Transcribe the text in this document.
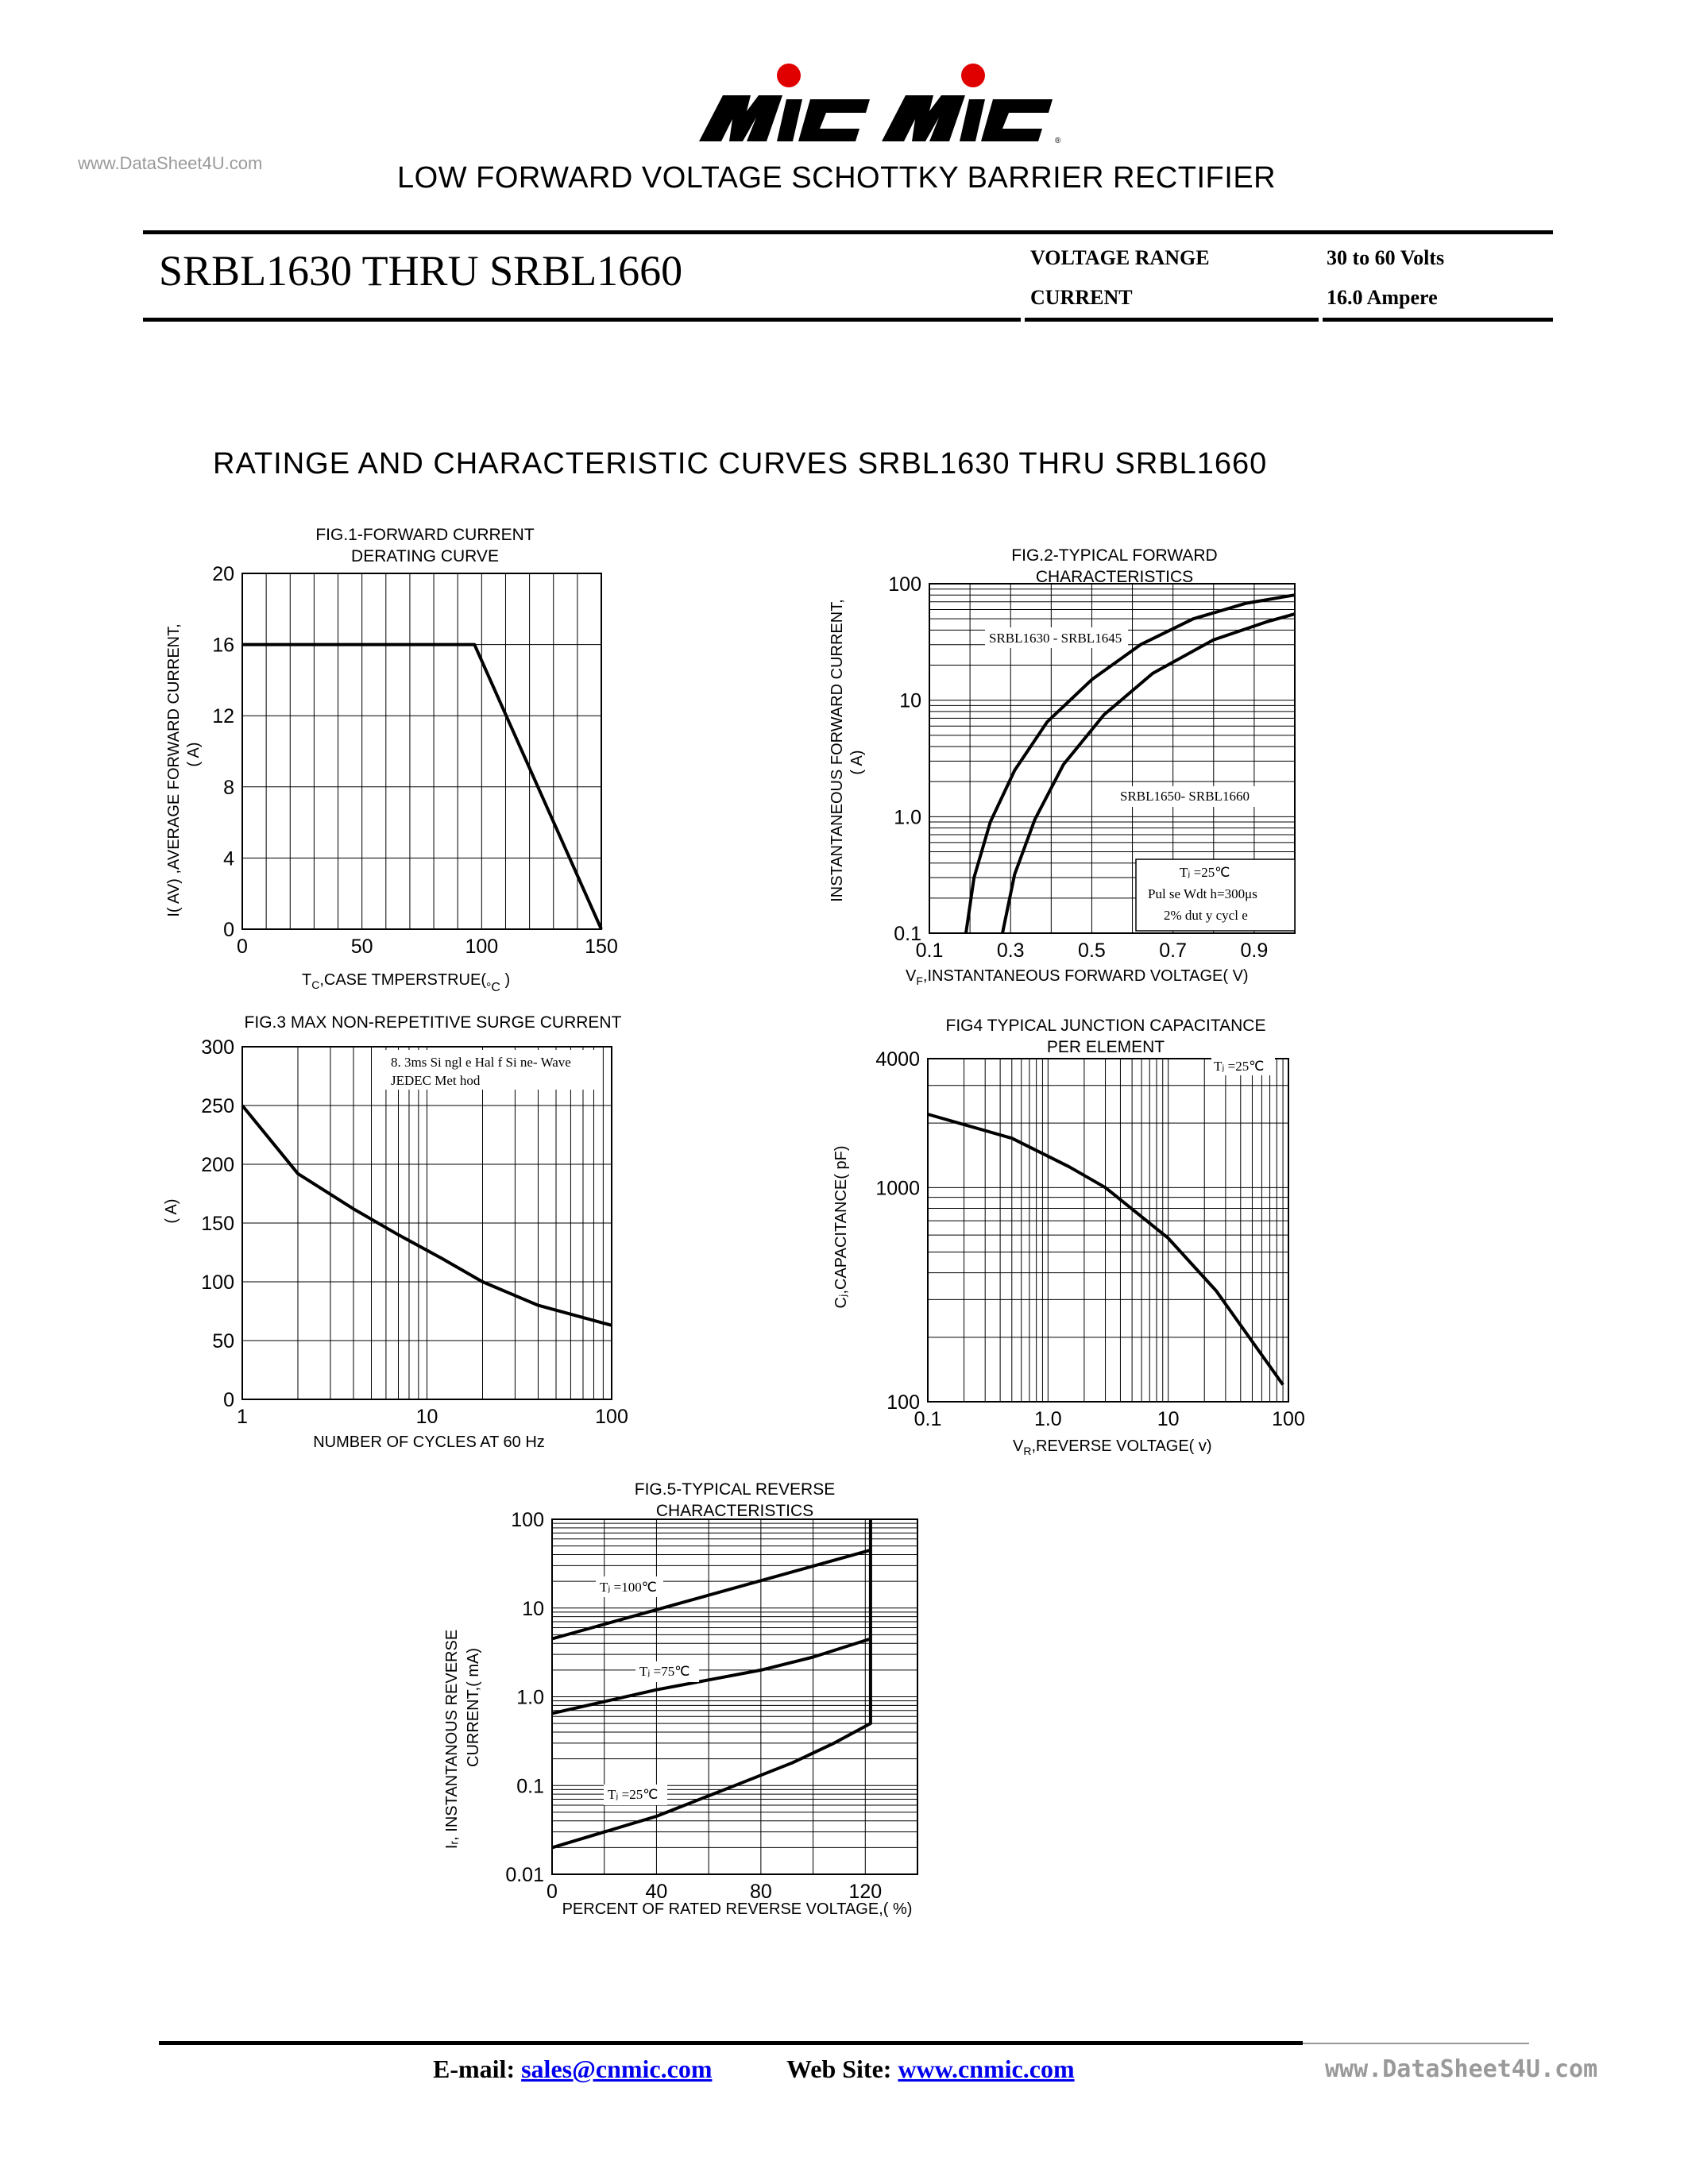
®
www.DataSheet4U.com	LOW FORWARD VOLTAGE SCHOTTKY BARRIER RECTIFIER
SRBL1630 THRU SRBL1660	VOLTAGE RANGE	30 to 60 Volts
CURRENT	16.0 Ampere
RATINGE AND CHARACTERISTIC CURVES SRBL1630 THRU SRBL1660
FIG.1-FORWARD CURRENT
DERATING CURVE
0	50	100	150
0
4
8
12
16
20
I( AV) ,AVERAGE FORWARD CURRENT, ( A)
$T_C,CASE$ $TMPERSTRUE(_{^\circ C}$ )
FIG.2-TYPICAL FORWARD
CHARACTERISTICS
0.1	0.3	0.5	0.7	0.9
0.1
1.0
10
100
INSTANTANEOUS FORWARD CURRENT, ( A)
$V_F,INSTANTANEOUS$ FORWARD VOLTAGE( V)
SRBL1630 - SRBL1645
SRBL1650- SRBL1660
Tⱼ =25℃
Pul se Wdt h=300μs
2% dut y cycl e
FIG.3 MAX NON-REPETITIVE SURGE CURRENT
1	10	100
0
50
100
150
200
250
300
( A)
NUMBER OF CYCLES AT 60 Hz
8. 3ms Si ngl e Hal f Si ne- Wave
JEDEC Met hod
FIG4 TYPICAL JUNCTION CAPACITANCE
PER ELEMENT
0.1	1.0	10	100
100
1000
4000
Cⱼ,CAPACITANCE( pF)
$V_R,REVERSE$ VOLTAGE( v)
Tⱼ =25℃
FIG.5-TYPICAL REVERSE
CHARACTERISTICS
0	40	80	120
0.01
0.1
1.0
10
100
Iᵣ, INSTANTANOUS REVERSE CURRENT,( mA)
PERCENT OF RATED REVERSE VOLTAGE,( %)
Tⱼ =100℃
Tⱼ =75℃
Tⱼ =25℃
E-mail: sales@cnmic.com	Web Site: www.cnmic.com	www.DataSheet4U.com
